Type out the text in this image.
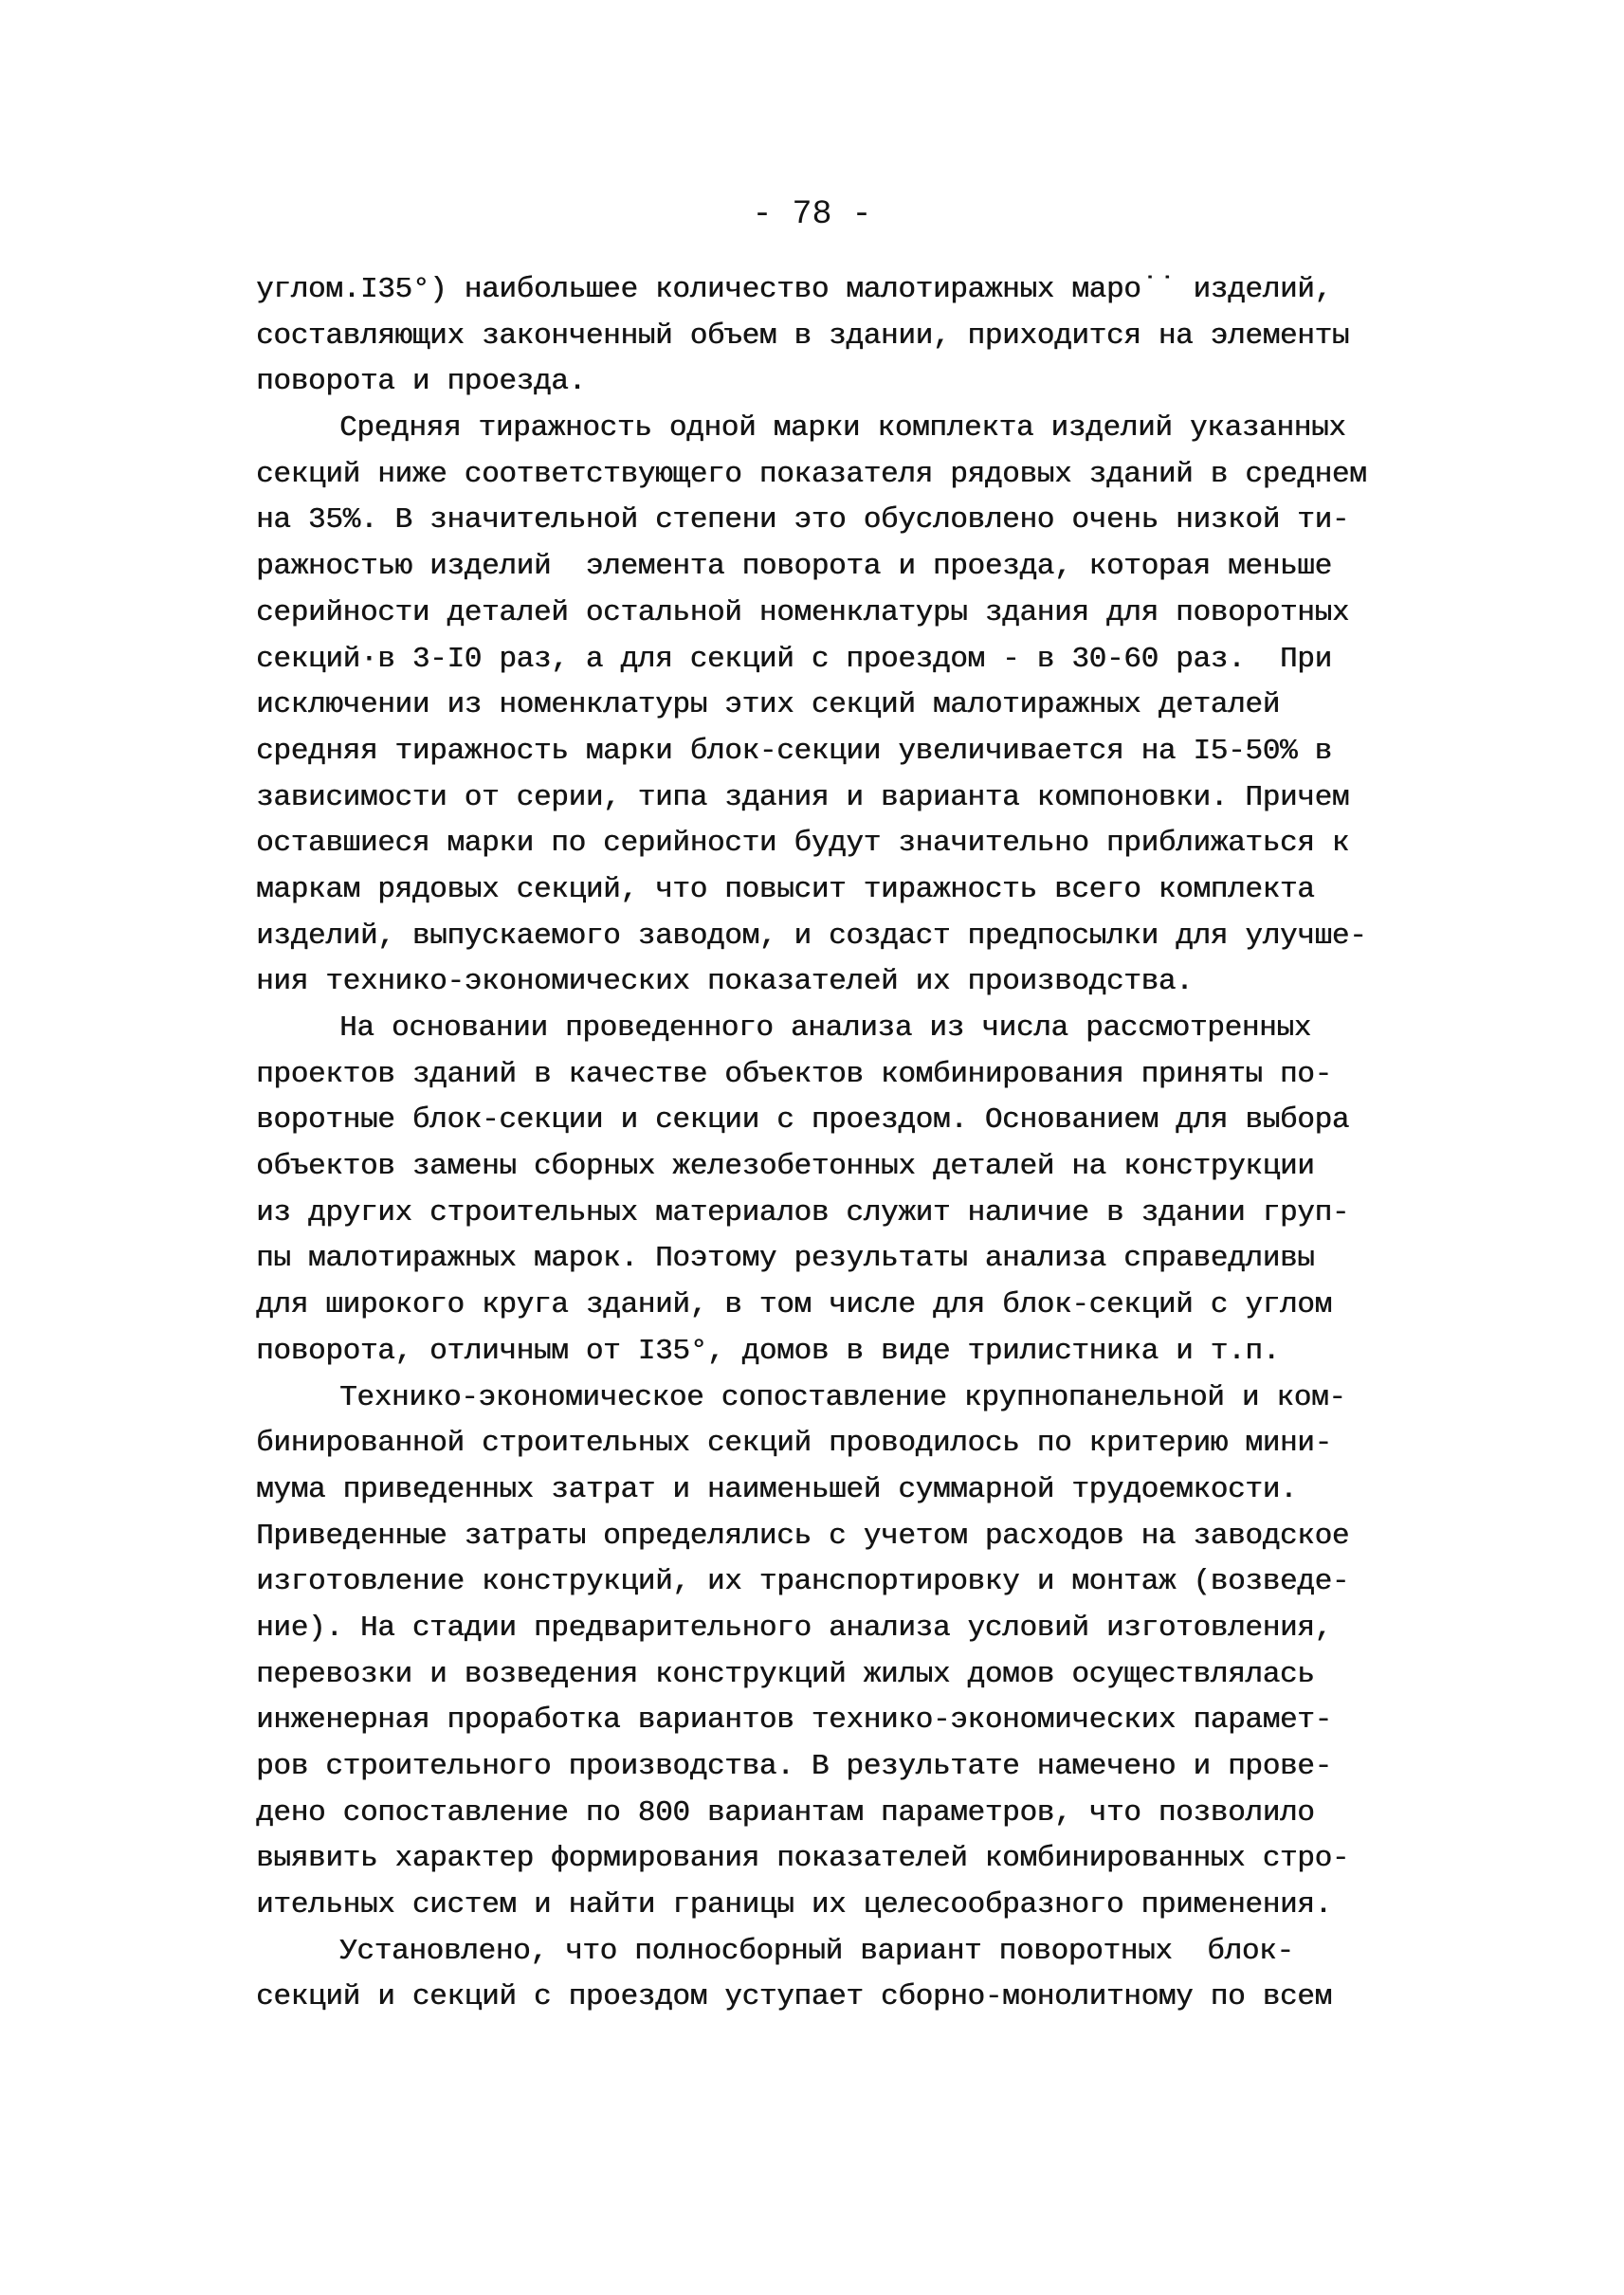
- 78 -
углом.I35°) наибольшее количество малотиражных маро˙˙ изделий,
составляющих законченный объем в здании, приходится на элементы
поворота и проезда.
Средняя тиражность одной марки комплекта изделий указанных
секций ниже соответствующего показателя рядовых зданий в среднем
на 35%. В значительной степени это обусловлено очень низкой ти-
ражностью изделий  элемента поворота и проезда, которая меньше
серийности деталей остальной номенклатуры здания для поворотных
секций·в 3-I0 раз, а для секций с проездом - в 30-60 раз.  При
исключении из номенклатуры этих секций малотиражных деталей
средняя тиражность марки блок-секции увеличивается на I5-50% в
зависимости от серии, типа здания и варианта компоновки. Причем
оставшиеся марки по серийности будут значительно приближаться к
маркам рядовых секций, что повысит тиражность всего комплекта
изделий, выпускаемого заводом, и создаст предпосылки для улучше-
ния технико-экономических показателей их производства.
На основании проведенного анализа из числа рассмотренных
проектов зданий в качестве объектов комбинирования приняты по-
воротные блок-секции и секции с проездом. Основанием для выбора
объектов замены сборных железобетонных деталей на конструкции
из других строительных материалов служит наличие в здании груп-
пы малотиражных марок. Поэтому результаты анализа справедливы
для широкого круга зданий, в том числе для блок-секций с углом
поворота, отличным от I35°, домов в виде трилистника и т.п.
Технико-экономическое сопоставление крупнопанельной и ком-
бинированной строительных секций проводилось по критерию мини-
мума приведенных затрат и наименьшей суммарной трудоемкости.
Приведенные затраты определялись с учетом расходов на заводское
изготовление конструкций, их транспортировку и монтаж (возведе-
ние). На стадии предварительного анализа условий изготовления,
перевозки и возведения конструкций жилых домов осуществлялась
инженерная проработка вариантов технико-экономических парамет-
ров строительного производства. В результате намечено и прове-
дено сопоставление по 800 вариантам параметров, что позволило
выявить характер формирования показателей комбинированных стро-
ительных систем и найти границы их целесообразного применения.
Установлено, что полносборный вариант поворотных  блок-
секций и секций с проездом уступает сборно-монолитному по всем
